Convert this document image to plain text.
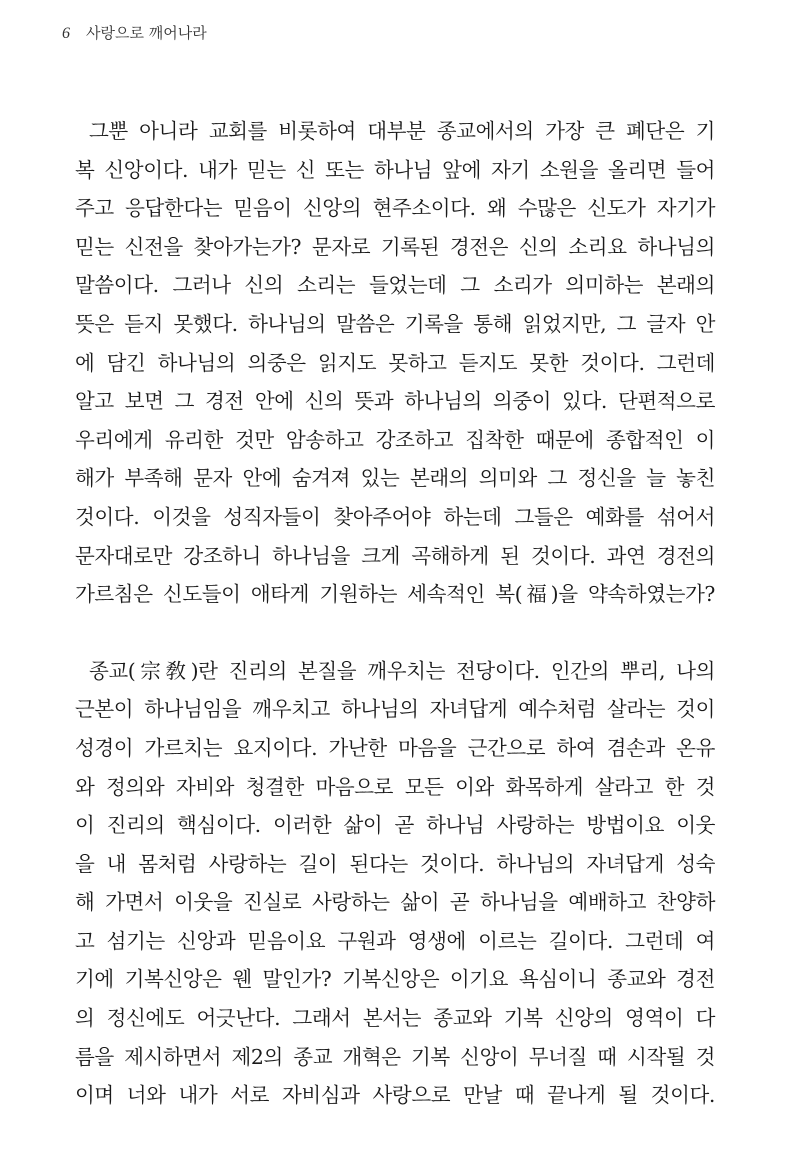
6 사랑으로 깨어나라
그뿐 아니라 교회를 비롯하여 대부분 종교에서의 가장 큰 폐단은 기
복 신앙이다. 내가 믿는 신 또는 하나님 앞에 자기 소원을 올리면 들어
주고 응답한다는 믿음이 신앙의 현주소이다. 왜 수많은 신도가 자기가
믿는 신전을 찾아가는가? 문자로 기록된 경전은 신의 소리요 하나님의
말씀이다. 그러나 신의 소리는 들었는데 그 소리가 의미하는 본래의
뜻은 듣지 못했다. 하나님의 말씀은 기록을 통해 읽었지만, 그 글자 안
에 담긴 하나님의 의중은 읽지도 못하고 듣지도 못한 것이다. 그런데
알고 보면 그 경전 안에 신의 뜻과 하나님의 의중이 있다. 단편적으로
우리에게 유리한 것만 암송하고 강조하고 집착한 때문에 종합적인 이
해가 부족해 문자 안에 숨겨져 있는 본래의 의미와 그 정신을 늘 놓친
것이다. 이것을 성직자들이 찾아주어야 하는데 그들은 예화를 섞어서
문자대로만 강조하니 하나님을 크게 곡해하게 된 것이다. 과연 경전의
가르침은 신도들이 애타게 기원하는 세속적인 복(福)을 약속하였는가?
종교(宗敎)란 진리의 본질을 깨우치는 전당이다. 인간의 뿌리, 나의
근본이 하나님임을 깨우치고 하나님의 자녀답게 예수처럼 살라는 것이
성경이 가르치는 요지이다. 가난한 마음을 근간으로 하여 겸손과 온유
와 정의와 자비와 청결한 마음으로 모든 이와 화목하게 살라고 한 것
이 진리의 핵심이다. 이러한 삶이 곧 하나님 사랑하는 방법이요 이웃
을 내 몸처럼 사랑하는 길이 된다는 것이다. 하나님의 자녀답게 성숙
해 가면서 이웃을 진실로 사랑하는 삶이 곧 하나님을 예배하고 찬양하
고 섬기는 신앙과 믿음이요 구원과 영생에 이르는 길이다. 그런데 여
기에 기복신앙은 웬 말인가? 기복신앙은 이기요 욕심이니 종교와 경전
의 정신에도 어긋난다. 그래서 본서는 종교와 기복 신앙의 영역이 다
름을 제시하면서 제2의 종교 개혁은 기복 신앙이 무너질 때 시작될 것
이며 너와 내가 서로 자비심과 사랑으로 만날 때 끝나게 될 것이다.
